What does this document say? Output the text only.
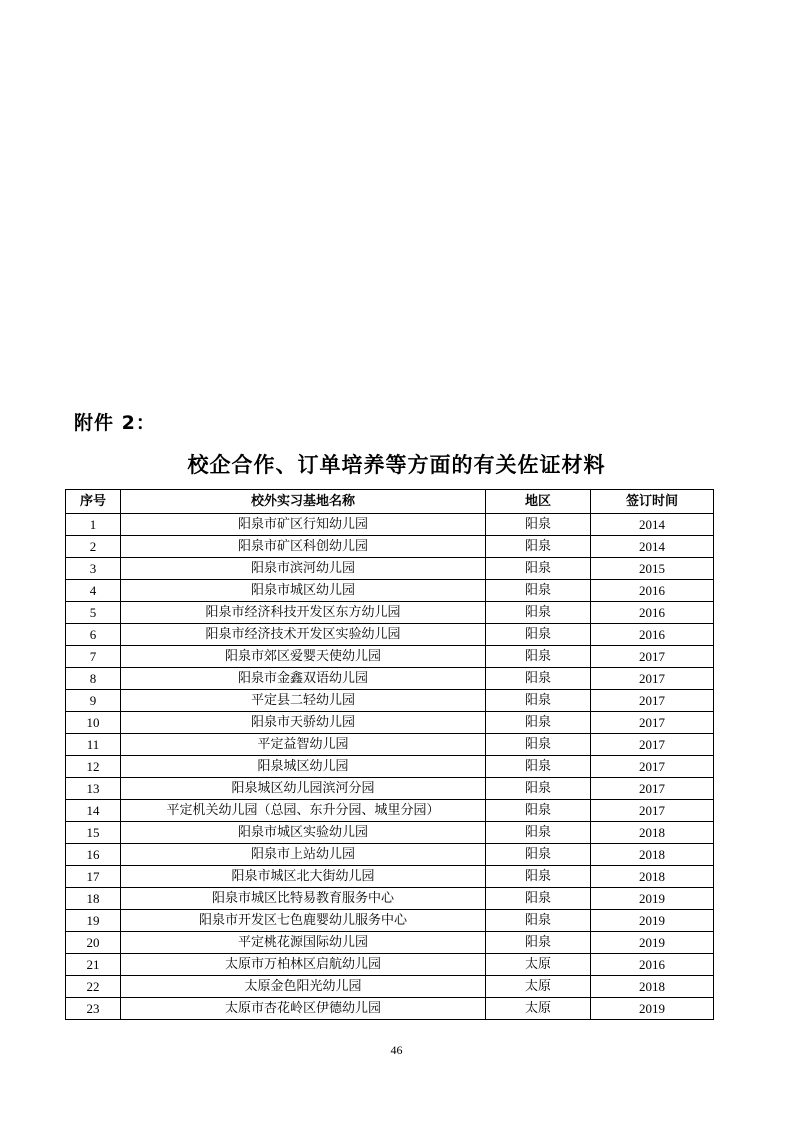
附件 2：
校企合作、订单培养等方面的有关佐证材料
序号	校外实习基地名称	地区	签订时间
1	阳泉市矿区行知幼儿园	阳泉	2014
2	阳泉市矿区科创幼儿园	阳泉	2014
3	阳泉市滨河幼儿园	阳泉	2015
4	阳泉市城区幼儿园	阳泉	2016
5	阳泉市经济科技开发区东方幼儿园	阳泉	2016
6	阳泉市经济技术开发区实验幼儿园	阳泉	2016
7	阳泉市郊区爱婴天使幼儿园	阳泉	2017
8	阳泉市金鑫双语幼儿园	阳泉	2017
9	平定县二轻幼儿园	阳泉	2017
10	阳泉市天骄幼儿园	阳泉	2017
11	平定益智幼儿园	阳泉	2017
12	阳泉城区幼儿园	阳泉	2017
13	阳泉城区幼儿园滨河分园	阳泉	2017
14	平定机关幼儿园（总园、东升分园、城里分园）	阳泉	2017
15	阳泉市城区实验幼儿园	阳泉	2018
16	阳泉市上站幼儿园	阳泉	2018
17	阳泉市城区北大街幼儿园	阳泉	2018
18	阳泉市城区比特易教育服务中心	阳泉	2019
19	阳泉市开发区七色鹿婴幼儿服务中心	阳泉	2019
20	平定桃花源国际幼儿园	阳泉	2019
21	太原市万柏林区启航幼儿园	太原	2016
22	太原金色阳光幼儿园	太原	2018
23	太原市杏花岭区伊德幼儿园	太原	2019
46
